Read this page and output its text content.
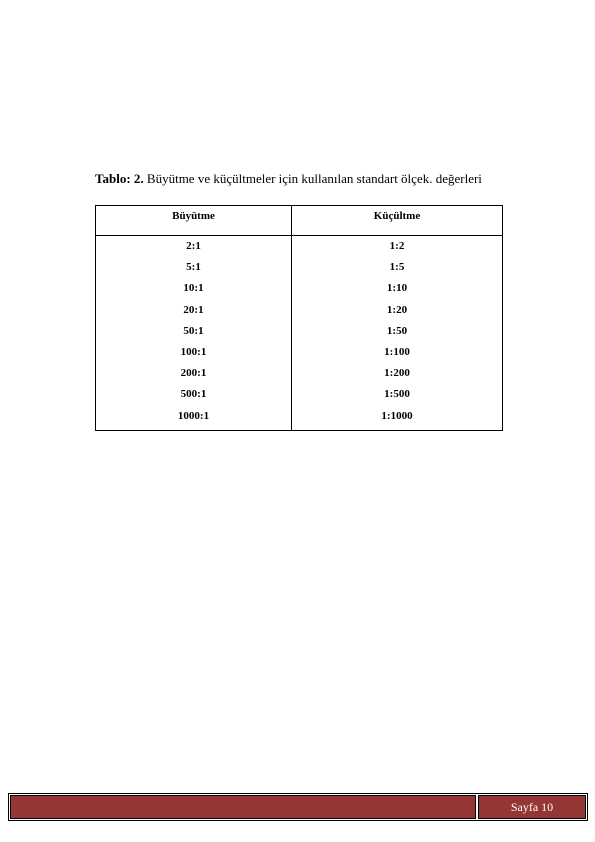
Tablo: 2. Büyütme ve küçültmeler için kullanılan standart ölçek. değerleri
Büyütme	Küçültme
2:1
5:1
10:1
20:1
50:1
100:1
200:1
500:1
1000:1
1:2
1:5
1:10
1:20
1:50
1:100
1:200
1:500
1:1000
Sayfa 10
